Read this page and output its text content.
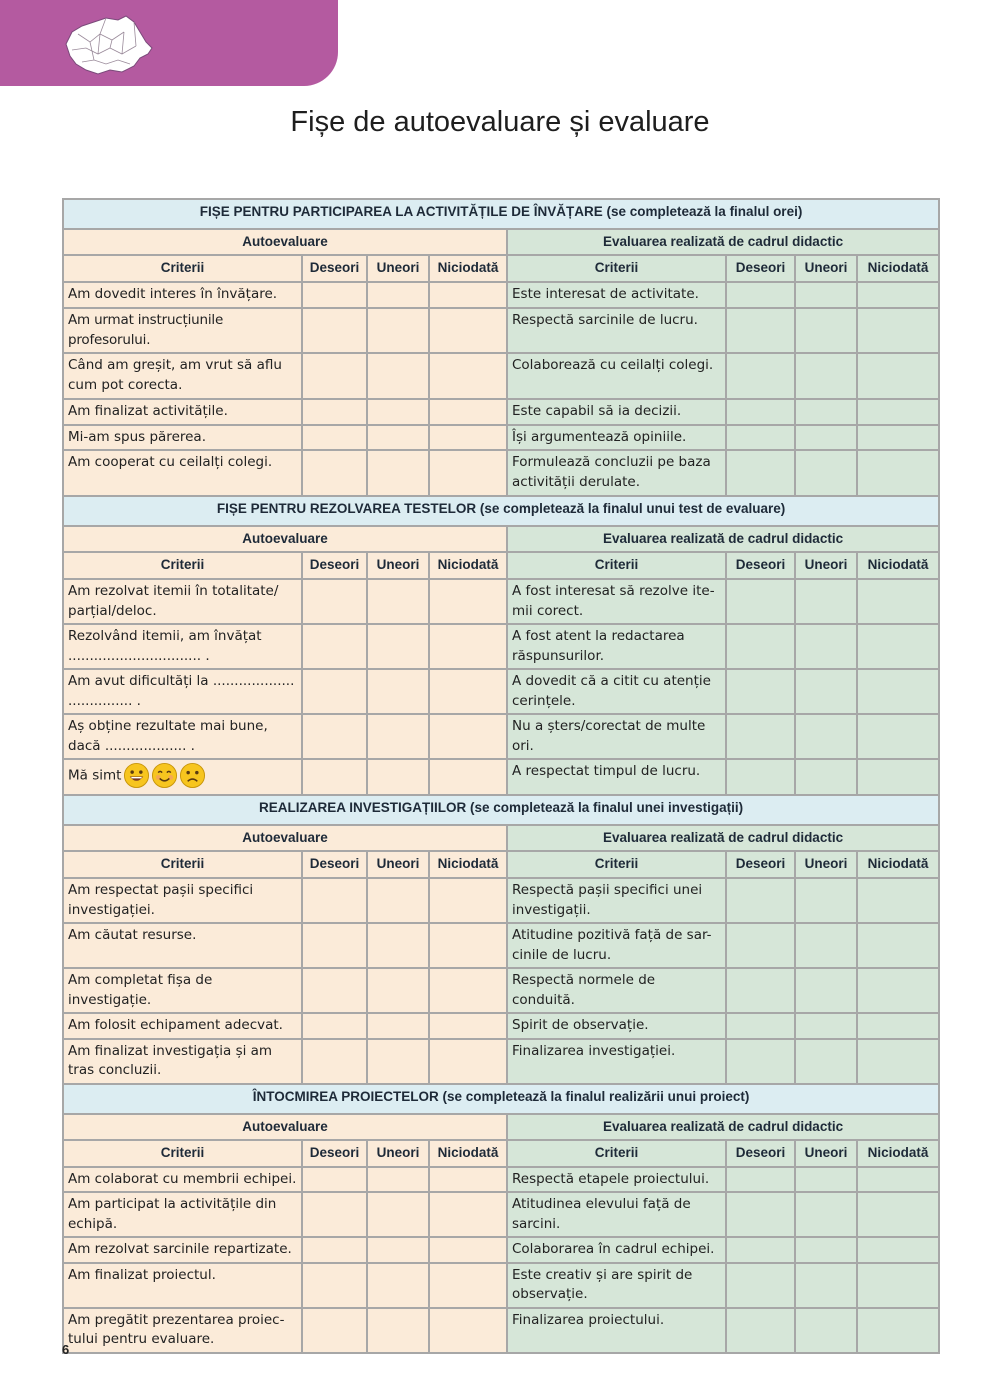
Fișe de autoevaluare și evaluare
FIȘE PENTRU PARTICIPAREA LA ACTIVITĂȚILE DE ÎNVĂȚARE (se completează la finalul orei)							
Autoevaluare				Evaluarea realizată de cadrul didactic			
Criterii	Deseori	Uneori	Niciodată	Criterii	Deseori	Uneori	Niciodată
Am dovedit interes în învățare.				Este interesat de activitate.			
Am urmat instrucțiunile profesorului.				Respectă sarcinile de lucru.			
Când am greșit, am vrut să aflu cum pot corecta.				Colaborează cu ceilalți colegi.			
Am finalizat activitățile.				Este capabil să ia decizii.			
Mi-am spus părerea.				Își argumentează opiniile.			
Am cooperat cu ceilalți colegi.				Formulează concluzii pe baza activității derulate.			
FIȘE PENTRU REZOLVAREA TESTELOR (se completează la finalul unui test de evaluare)							
Autoevaluare				Evaluarea realizată de cadrul didactic			
Criterii	Deseori	Uneori	Niciodată	Criterii	Deseori	Uneori	Niciodată
Am rezolvat itemii în totalitate/ parțial/deloc.				A fost interesat să rezolve ite- mii corect.			
Rezolvând itemii, am învățat ............................... .				A fost atent la redactarea răspunsurilor.			
Am avut dificultăți la ................... ............... .				A dovedit că a citit cu atenție cerințele.			
Aș obține rezultate mai bune, dacă ................... .				Nu a șters/corectat de multe ori.			
Mă simt				A respectat timpul de lucru.			
REALIZAREA INVESTIGAȚIILOR (se completează la finalul unei investigații)							
Autoevaluare				Evaluarea realizată de cadrul didactic			
Criterii	Deseori	Uneori	Niciodată	Criterii	Deseori	Uneori	Niciodată
Am respectat pașii specifici investigației.				Respectă pașii specifici unei investigații.			
Am căutat resurse.				Atitudine pozitivă față de sar- cinile de lucru.			
Am completat fișa de investigație.				Respectă normele de conduită.			
Am folosit echipament adecvat.				Spirit de observație.			
Am finalizat investigația și am tras concluzii.				Finalizarea investigației.			
ÎNTOCMIREA PROIECTELOR (se completează la finalul realizării unui proiect)							
Autoevaluare				Evaluarea realizată de cadrul didactic			
Criterii	Deseori	Uneori	Niciodată	Criterii	Deseori	Uneori	Niciodată
Am colaborat cu membrii echipei.				Respectă etapele proiectului.			
Am participat la activitățile din echipă.				Atitudinea elevului față de sarcini.			
Am rezolvat sarcinile repartizate.				Colaborarea în cadrul echipei.			
Am finalizat proiectul.				Este creativ și are spirit de observație.			
Am pregătit prezentarea proiec- tului pentru evaluare.				Finalizarea proiectului.			
6
